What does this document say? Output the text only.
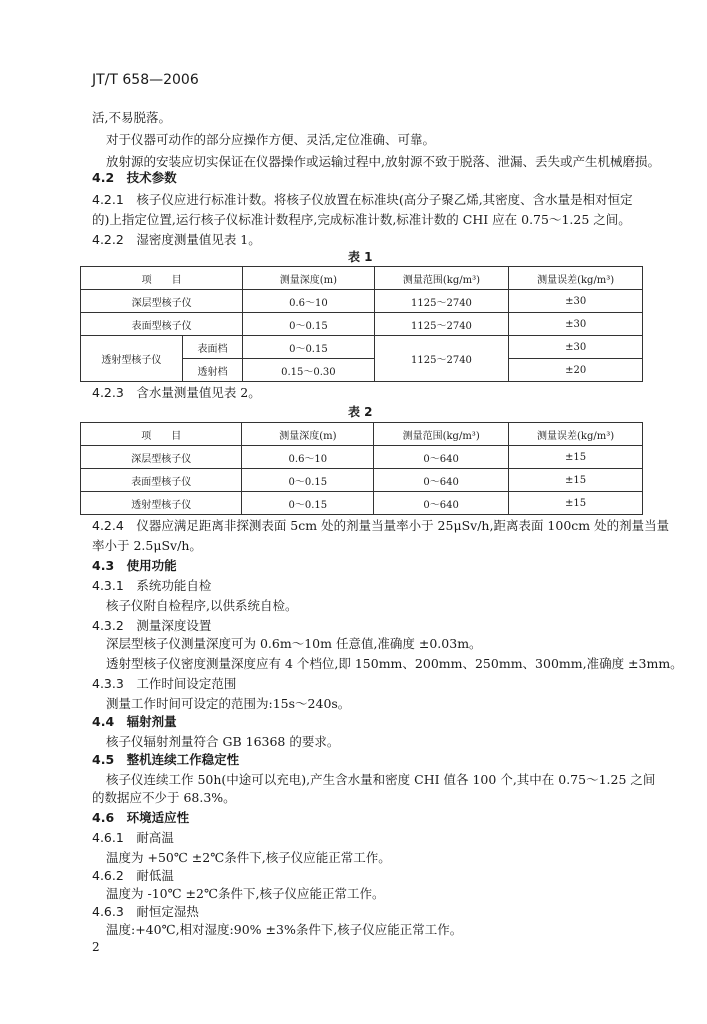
JT/T 658—2006
活,不易脱落。
对于仪器可动作的部分应操作方便、灵活,定位准确、可靠。
放射源的安装应切实保证在仪器操作或运输过程中,放射源不致于脱落、泄漏、丢失或产生机械磨损。
4.2　 技术参数
4.2.1　 核子仪应进行标准计数。将核子仪放置在标准块(高分子聚乙烯,其密度、含水量是相对恒定
的)上指定位置,运行核子仪标准计数程序,完成标准计数,标准计数的 CHI 应在 0.75～1.25 之间。
4.2.2　 湿密度测量值见表 1。
表 1
项　　目		测量深度(m)	测量范围(kg/m³)	测量误差(kg/m³)
深层型核子仪		0.6～10	1125～2740	±30
表面型核子仪		0～0.15	1125～2740	±30
透射型核子仪	表面档	0～0.15	1125～2740	±30
	透射档	0.15～0.30		±20
4.2.3　 含水量测量值见表 2。
表 2
项　　目	测量深度(m)	测量范围(kg/m³)	测量误差(kg/m³)
深层型核子仪	0.6～10	0～640	±15
表面型核子仪	0～0.15	0～640	±15
透射型核子仪	0～0.15	0～640	±15
4.2.4　 仪器应满足距离非探测表面 5cm 处的剂量当量率小于 25μSv/h,距离表面 100cm 处的剂量当量
率小于 2.5μSv/h。
4.3　 使用功能
4.3.1　 系统功能自检
核子仪附自检程序,以供系统自检。
4.3.2　 测量深度设置
深层型核子仪测量深度可为 0.6m～10m 任意值,准确度 ±0.03m。
透射型核子仪密度测量深度应有 4 个档位,即 150mm、200mm、250mm、300mm,准确度 ±3mm。
4.3.3　 工作时间设定范围
测量工作时间可设定的范围为:15s～240s。
4.4　 辐射剂量
核子仪辐射剂量符合 GB 16368 的要求。
4.5　 整机连续工作稳定性
核子仪连续工作 50h(中途可以充电),产生含水量和密度 CHI 值各 100 个,其中在 0.75～1.25 之间
的数据应不少于 68.3%。
4.6　 环境适应性
4.6.1　 耐高温
温度为 +50℃ ±2℃条件下,核子仪应能正常工作。
4.6.2　 耐低温
温度为 -10℃ ±2℃条件下,核子仪应能正常工作。
4.6.3　 耐恒定湿热
温度:+40℃,相对湿度:90% ±3%条件下,核子仪应能正常工作。
2
